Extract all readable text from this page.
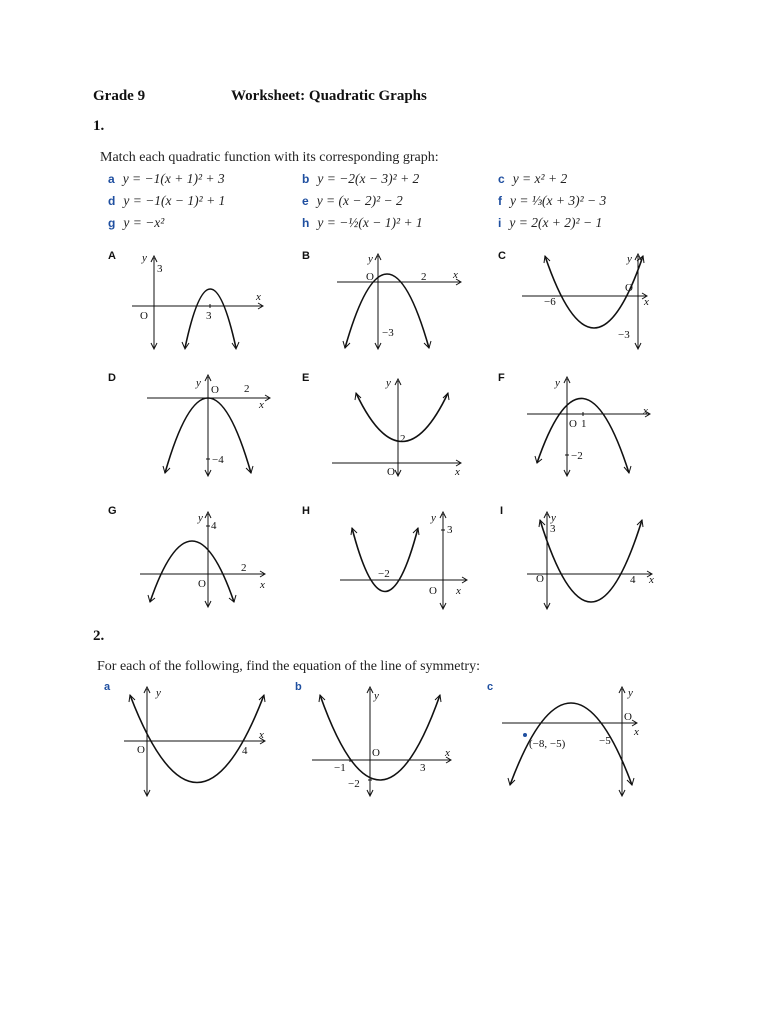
Grade 9	Worksheet: Quadratic Graphs
1.
Match each quadratic function with its corresponding graph:
a y = −1(x + 1)² + 3	b y = −2(x − 3)² + 2	c y = x² + 2
d y = −1(x − 1)² + 1	e y = (x − 2)² − 2	f y = ⅓(x + 3)² − 3
g y = −x²	h y = −½(x − 1)² + 1	i y = 2(x + 2)² − 1
A	B	C
D	E	F
G	H	I
y
3
x
O	3
y
O	2 x
−3
y
O
x
−6
−3
y
O 2
x
−4
y
2
O	x
y
O 1
x
−2
y
4
2
x
O
y
3
−2
O x
y
3
O	4 x
2.
For each of the following, find the equation of the line of symmetry:
a	b	c
y
O	4
x
y
O	x
−1	3
−2
y
O
x
−5
(−8, −5)
